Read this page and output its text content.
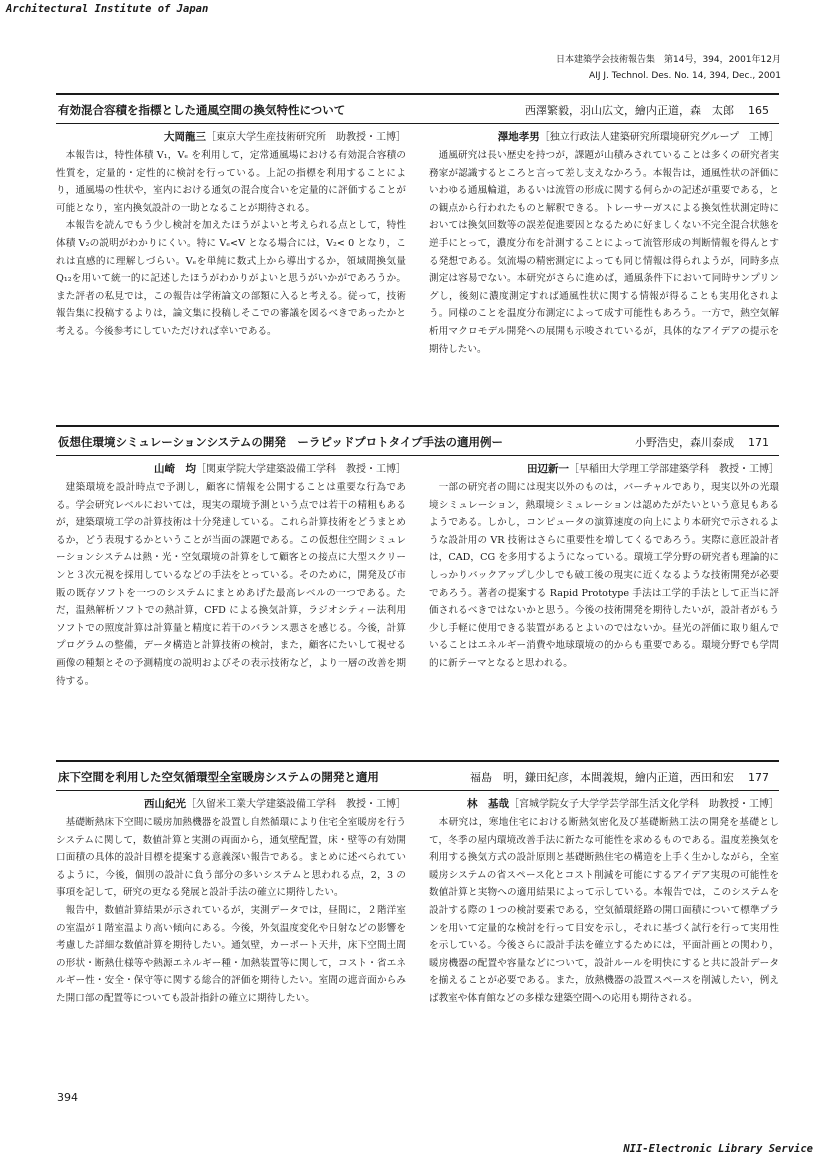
Architectural Institute of Japan
日本建築学会技術報告集　第14号，394，2001年12月
AIJ J. Technol. Des. No. 14, 394, Dec., 2001
有効混合容積を指標とした通風空間の換気特性について	西澤繁毅，羽山広文，繪内正道，森　太郎 165
大岡龍三［東京大学生産技術研究所　助教授・工博］

本報告は，特性体積 V₁，Vₑ を利用して，定常通風場における有効混合容積の性質を，定量的・定性的に検討を行っている。上記の指標を利用することにより，通風場の性状や，室内における通気の混合度合いを定量的に評価することが可能となり，室内換気設計の一助となることが期待される。

本報告を読んでもう少し検討を加えたほうがよいと考えられる点として，特性体積 V₂の説明がわかりにくい。特に Vₑ<V となる場合には，V₂< 0 となり，これは直感的に理解しづらい。Vₑを単純に数式上から導出するか，領域間換気量 Q₁₂を用いて統一的に記述したほうがわかりがよいと思うがいかがであろうか。また評者の私見では，この報告は学術論文の部類に入ると考える。従って，技術報告集に投稿するよりは，論文集に投稿しそこでの審議を図るべきであったかと考える。今後参考にしていただければ幸いである。

澤地孝男［独立行政法人建築研究所環境研究グループ　工博］

通風研究は長い歴史を持つが，課題が山積みされていることは多くの研究者実務家が認識するところと言って差し支えなかろう。本報告は，通風性状の評価にいわゆる通風輪道，あるいは流管の形成に関する何らかの記述が重要である，との観点から行われたものと解釈できる。トレーサーガスによる換気性状測定時においては換気回数等の誤差促進要因となるために好ましくない不完全混合状態を逆手にとって，濃度分布を計測することによって流管形成の判断情報を得んとする発想である。気流場の精密測定によっても同じ情報は得られようが，同時多点測定は容易でない。本研究がさらに進めば，通風条件下において同時サンプリングし，後刻に濃度測定すれば通風性状に関する情報が得ることも実用化されよう。同様のことを温度分布測定によって成す可能性もあろう。一方で，熱空気解析用マクロモデル開発への展開も示唆されているが，具体的なアイデアの提示を期待したい。

仮想住環境シミュレーションシステムの開発　ーラピッドプロトタイプ手法の適用例ー	小野浩史，森川泰成 171
山崎　均［関東学院大学建築設備工学科　教授・工博］

建築環境を設計時点で予測し，顧客に情報を公開することは重要な行為である。学会研究レベルにおいては，現実の環境予測という点では若干の精粗もあるが，建築環境工学の計算技術は十分発達している。これら計算技術をどうまとめるか，どう表現するかということが当面の課題である。この仮想住空間シミュレーションシステムは熱・光・空気環境の計算をして顧客との接点に大型スクリーンと３次元視を採用しているなどの手法をとっている。そのために，開発及び市販の既存ソフトを一つのシステムにまとめあげた最高レベルの一つである。ただ，温熱解析ソフトでの熱計算，CFD による換気計算，ラジオシティー法利用ソフトでの照度計算は計算量と精度に若干のバランス悪さを感じる。今後，計算プログラムの整備，データ構造と計算技術の検討，また，顧客にたいして視せる画像の種類とその予測精度の説明およびその表示技術など，より一層の改善を期待する。

田辺新一［早稲田大学理工学部建築学科　教授・工博］

一部の研究者の間には現実以外のものは，バーチャルであり，現実以外の光環境シミュレーション，熱環境シミュレーションは認めたがたいという意見もあるようである。しかし，コンピュータの演算速度の向上により本研究で示されるような設計用の VR 技術はさらに重要性を増してくるであろう。実際に意匠設計者は，CAD，CG を多用するようになっている。環境工学分野の研究者も理論的にしっかりバックアップし少しでも破工後の現実に近くなるような技術開発が必要であろう。著者の提案する Rapid Prototype 手法は工学的手法として正当に評価されるべきではないかと思う。今後の技術開発を期待したいが，設計者がもう少し手軽に使用できる装置があるとよいのではないか。昼光の評価に取り組んでいることはエネルギー消費や地球環境の的からも重要である。環境分野でも学問的に新テーマとなると思われる。

床下空間を利用した空気循環型全室暖房システムの開発と適用	福島　明，鎌田紀彦，本間義規，繪内正道，西田和宏 177
西山紀光［久留米工業大学建築設備工学科　教授・工博］

基礎断熱床下空間に暖房加熱機器を設置し自然循環により住宅全室暖房を行うシステムに関して，数値計算と実測の両面から，通気壁配置，床・壁等の有効開口面積の具体的設計目標を提案する意義深い報告である。まとめに述べられているように，今後，個別の設計に負う部分の多いシステムと思われる点，2，3 の事項を記して，研究の更なる発展と設計手法の確立に期待したい。

報告中，数値計算結果が示されているが，実測データでは，昼間に，２階洋室の室温が１階室温より高い傾向にある。今後，外気温度変化や日射などの影響を考慮した詳細な数値計算を期待したい。通気壁，カーポート天井，床下空間土間の形状・断熱仕様等や熱源エネルギー種・加熱装置等に関して，コスト・省エネルギー性・安全・保守等に関する総合的評価を期待したい。室間の遮音面からみた開口部の配置等についても設計指針の確立に期待したい。

林　基哉［宮城学院女子大学学芸学部生活文化学科　助教授・工博］

本研究は，寒地住宅における断熱気密化及び基礎断熱工法の開発を基礎として，冬季の屋内環境改善手法に新たな可能性を求めるものである。温度差換気を利用する換気方式の設計原則と基礎断熱住宅の構造を上手く生かしながら，全室暖房システムの省スペース化とコスト削減を可能にするアイデア実現の可能性を数値計算と実物への適用結果によって示している。本報告では，このシステムを設計する際の１つの検討要素である，空気循環経路の開口面積について標準プランを用いて定量的な検討を行って目安を示し，それに基づく試行を行って実用性を示している。今後さらに設計手法を確立するためには，平面計画との関わり，暖房機器の配置や容量などについて，設計ルールを明快にすると共に設計データを揃えることが必要である。また，放熱機器の設置スペースを削減したい，例えば教室や体育館などの多様な建築空間への応用も期待される。

394
NII-Electronic Library Service
